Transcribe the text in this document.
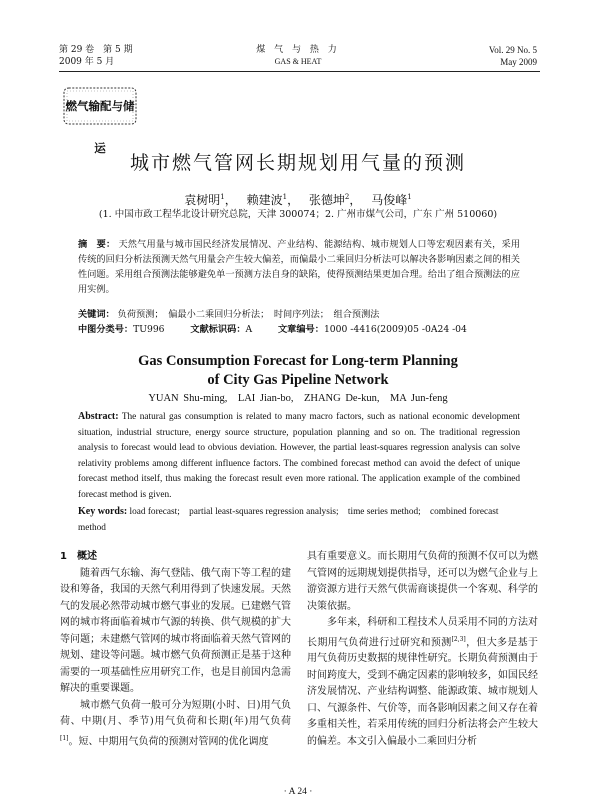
第 29 卷　第 5 期
2009 年 5 月
煤 气 与 热 力
GAS & HEAT
Vol. 29 No. 5
May 2009
燃气输配与储运
城市燃气管网长期规划用气量的预测
袁树明$^1$，　 赖建波$^1$，　 张德坤$^2$，　 马俊峰$^1$
(1. 中国市政工程华北设计研究总院，天津 300074；2. 广州市煤气公司，广东 广州 510060)
摘　要： 天然气用量与城市国民经济发展情况、产业结构、能源结构、城市规划人口等宏观因素有关，采用传统的回归分析法预测天然气用量会产生较大偏差，而偏最小二乘回归分析法可以解决各影响因素之间的相关性问题。采用组合预测法能够避免单一预测方法自身的缺陷，使得预测结果更加合理。给出了组合预测法的应用实例。
关键词： 负荷预测；　偏最小二乘回归分析法；　时间序列法；　组合预测法
中图分类号：TU996	文献标识码：A	文章编号：1000 -4416(2009)05 -0A24 -04
Gas Consumption Forecast for Long-term Planning
of City Gas Pipeline Network
YUAN Shu-ming,　LAI Jian-bo,　ZHANG De-kun,　MA Jun-feng
Abstract: The natural gas consumption is related to many macro factors, such as national economic development situation, industrial structure, energy source structure, population planning and so on. The traditional regression analysis to forecast would lead to obvious deviation. However, the partial least-squares regression analysis can solve relativity problems among different influence factors. The combined forecast method can avoid the defect of unique forecast method itself, thus making the forecast result even more rational. The application example of the combined forecast method is given.
Key words: load forecast;　partial least-squares regression analysis;　time series method;　combined forecast method

1　概述

随着西气东输、海气登陆、俄气南下等工程的建设和筹备，我国的天然气利用得到了快速发展。天然气的发展必然带动城市燃气事业的发展。已建燃气管网的城市将面临着城市气源的转换、供气规模的扩大等问题；未建燃气管网的城市将面临着天然气管网的规划、建设等问题。城市燃气负荷预测正是基于这种需要的一项基础性应用研究工作，也是目前国内急需解决的重要课题。

城市燃气负荷一般可分为短期(小时、日)用气负荷、中期(月、季节)用气负荷和长期(年)用气负荷[1]。短、中期用气负荷的预测对管网的优化调度

具有重要意义。而长期用气负荷的预测不仅可以为燃气管网的远期规划提供指导，还可以为燃气企业与上游资源方进行天然气供需商谈提供一个客观、科学的决策依据。

多年来，科研和工程技术人员采用不同的方法对长期用气负荷进行过研究和预测[2,3]，但大多是基于用气负荷历史数据的规律性研究。长期负荷预测由于时间跨度大，受到不确定因素的影响较多，如国民经济发展情况、产业结构调整、能源政策、城市规划人口、气源条件、气价等，而各影响因素之间又存在着多重相关性，若采用传统的回归分析法将会产生较大的偏差。本文引入偏最小二乘回归分析

· A 24 ·
